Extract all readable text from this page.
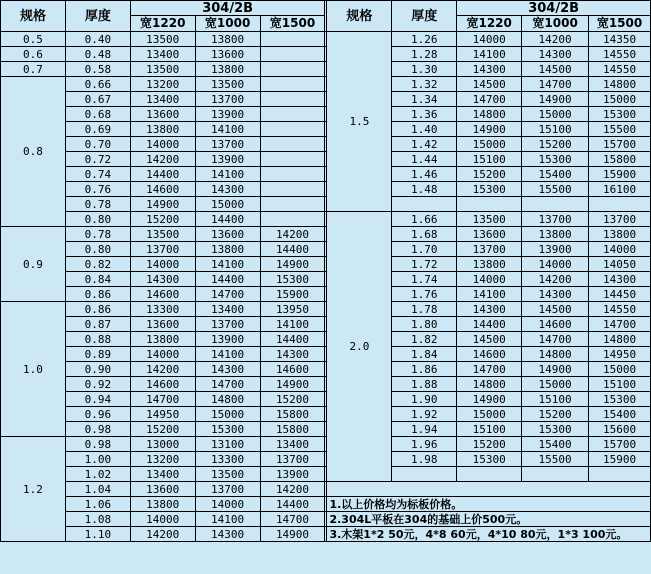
规格	厚度	304/2B				规格	厚度	304/2B		
		宽1220	宽1000	宽1500				宽1220	宽1000	宽1500
0.5	0.40	13500	13800			1.5	1.26	14000	14200	14350
0.6	0.48	13400	13600				1.28	14100	14300	14550
0.7	0.58	13500	13800				1.30	14300	14500	14550
0.8	0.66	13200	13500				1.32	14500	14700	14800
	0.67	13400	13700				1.34	14700	14900	15000
	0.68	13600	13900				1.36	14800	15000	15300
	0.69	13800	14100				1.40	14900	15100	15500
	0.70	14000	13700				1.42	15000	15200	15700
	0.72	14200	13900				1.44	15100	15300	15800
	0.74	14400	14100				1.46	15200	15400	15900
	0.76	14600	14300				1.48	15300	15500	16100
	0.78	14900	15000							
	0.80	15200	14400			2.0	1.66	13500	13700	13700
0.9	0.78	13500	13600	14200			1.68	13600	13800	13800
	0.80	13700	13800	14400			1.70	13700	13900	14000
	0.82	14000	14100	14900			1.72	13800	14000	14050
	0.84	14300	14400	15300			1.74	14000	14200	14300
	0.86	14600	14700	15900			1.76	14100	14300	14450
1.0	0.86	13300	13400	13950			1.78	14300	14500	14550
	0.87	13600	13700	14100			1.80	14400	14600	14700
	0.88	13800	13900	14400			1.82	14500	14700	14800
	0.89	14000	14100	14300			1.84	14600	14800	14950
	0.90	14200	14300	14600			1.86	14700	14900	15000
	0.92	14600	14700	14900			1.88	14800	15000	15100
	0.94	14700	14800	15200			1.90	14900	15100	15300
	0.96	14950	15000	15800			1.92	15000	15200	15400
	0.98	15200	15300	15800			1.94	15100	15300	15600
1.2	0.98	13000	13100	13400			1.96	15200	15400	15700
	1.00	13200	13300	13700			1.98	15300	15500	15900
	1.02	13400	13500	13900						
	1.04	13600	13700	14200						
	1.06	13800	14000	14400		1.以上价格均为标板价格。				
	1.08	14000	14100	14700		2.304L平板在304的基础上价500元。				
	1.10	14200	14300	14900		3.木架1*2 50元，4*8 60元，4*10 80元，1*3 100元。				
